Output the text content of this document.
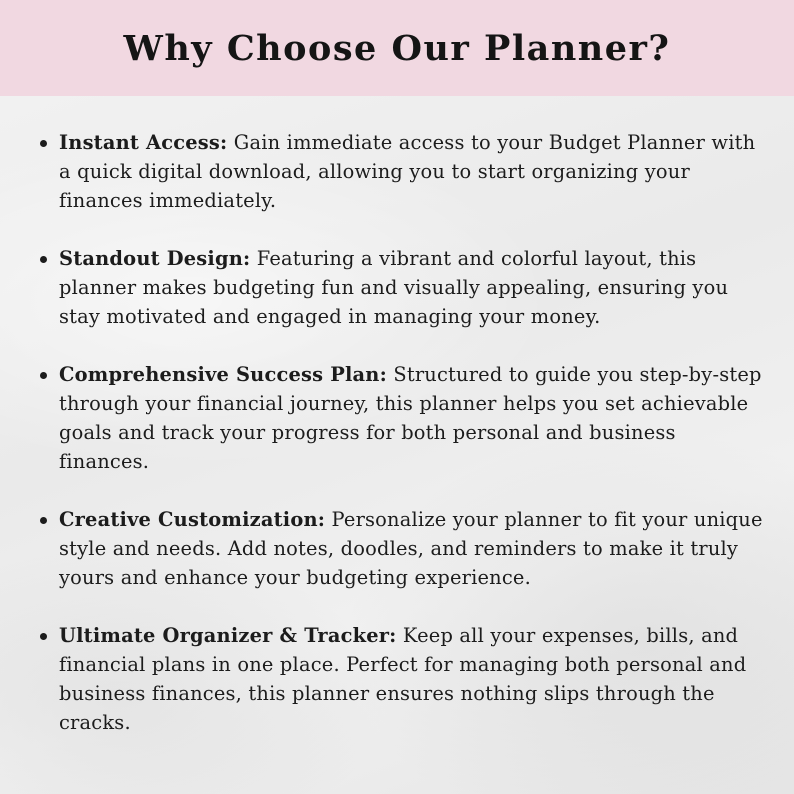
Why Choose Our Planner?
Instant Access: Gain immediate access to your Budget Planner with a quick digital download, allowing you to start organizing your finances immediately.
Standout Design: Featuring a vibrant and colorful layout, this planner makes budgeting fun and visually appealing, ensuring you stay motivated and engaged in managing your money.
Comprehensive Success Plan: Structured to guide you step-by-step through your financial journey, this planner helps you set achievable goals and track your progress for both personal and business finances.
Creative Customization: Personalize your planner to fit your unique style and needs. Add notes, doodles, and reminders to make it truly yours and enhance your budgeting experience.
Ultimate Organizer & Tracker: Keep all your expenses, bills, and financial plans in one place. Perfect for managing both personal and business finances, this planner ensures nothing slips through the cracks.
